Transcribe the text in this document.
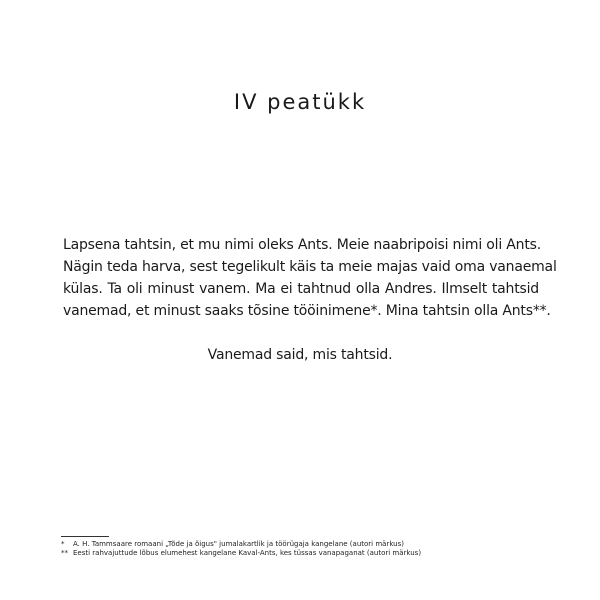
IV peatükk
Lapsena tahtsin, et mu nimi oleks Ants. Meie naabripoisi nimi oli Ants.
Nägin teda harva, sest tegelikult käis ta meie majas vaid oma vanaemal
külas. Ta oli minust vanem. Ma ei tahtnud olla Andres. Ilmselt tahtsid
vanemad, et minust saaks tõsine tööinimene*. Mina tahtsin olla Ants**.
Vanemad said, mis tahtsid.
* A. H. Tammsaare romaani „Tõde ja õigus" jumalakartlik ja töörügaja kangelane (autori märkus)
** Eesti rahvajuttude lõbus elumehest kangelane Kaval-Ants, kes tüssas vanapaganat (autori märkus)
